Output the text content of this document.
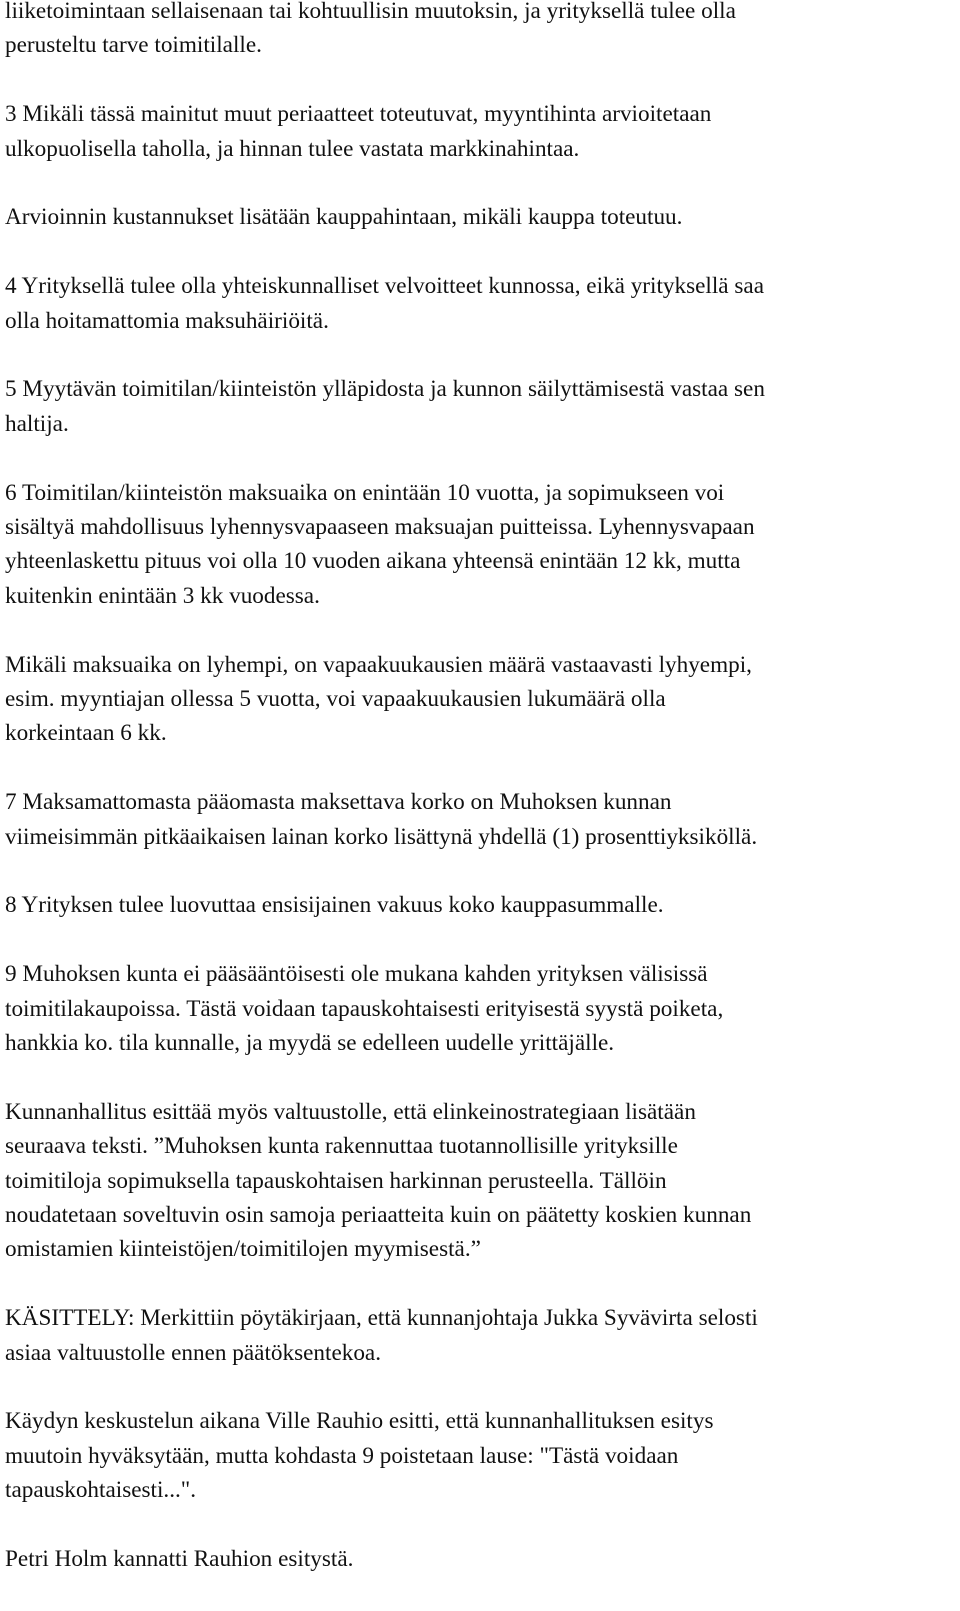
liiketoimintaan sellaisenaan tai kohtuullisin muutoksin, ja yrityksellä tulee olla
perusteltu tarve toimitilalle.

3 Mikäli tässä mainitut muut periaatteet toteutuvat, myyntihinta arvioitetaan
ulkopuolisella taholla, ja hinnan tulee vastata markkinahintaa.

Arvioinnin kustannukset lisätään kauppahintaan, mikäli kauppa toteutuu.

4 Yrityksellä tulee olla yhteiskunnalliset velvoitteet kunnossa, eikä yrityksellä saa
olla hoitamattomia maksuhäiriöitä.

5 Myytävän toimitilan/kiinteistön ylläpidosta ja kunnon säilyttämisestä vastaa sen
haltija.

6 Toimitilan/kiinteistön maksuaika on enintään 10 vuotta, ja sopimukseen voi
sisältyä mahdollisuus lyhennysvapaaseen maksuajan puitteissa. Lyhennysvapaan
yhteenlaskettu pituus voi olla 10 vuoden aikana yhteensä enintään 12 kk, mutta
kuitenkin enintään 3 kk vuodessa.

Mikäli maksuaika on lyhempi, on vapaakuukausien määrä vastaavasti lyhyempi,
esim. myyntiajan ollessa 5 vuotta, voi vapaakuukausien lukumäärä olla
korkeintaan 6 kk.

7 Maksamattomasta pääomasta maksettava korko on Muhoksen kunnan
viimeisimmän pitkäaikaisen lainan korko lisättynä yhdellä (1) prosenttiyksiköllä.

8 Yrityksen tulee luovuttaa ensisijainen vakuus koko kauppasummalle.

9 Muhoksen kunta ei pääsääntöisesti ole mukana kahden yrityksen välisissä
toimitilakaupoissa. Tästä voidaan tapauskohtaisesti erityisestä syystä poiketa,
hankkia ko. tila kunnalle, ja myydä se edelleen uudelle yrittäjälle.

Kunnanhallitus esittää myös valtuustolle, että elinkeinostrategiaan lisätään
seuraava teksti. ”Muhoksen kunta rakennuttaa tuotannollisille yrityksille
toimitiloja sopimuksella tapauskohtaisen harkinnan perusteella. Tällöin
noudatetaan soveltuvin osin samoja periaatteita kuin on päätetty koskien kunnan
omistamien kiinteistöjen/toimitilojen myymisestä.”

KÄSITTELY: Merkittiin pöytäkirjaan, että kunnanjohtaja Jukka Syvävirta selosti
asiaa valtuustolle ennen päätöksentekoa.

Käydyn keskustelun aikana Ville Rauhio esitti, että kunnanhallituksen esitys
muutoin hyväksytään, mutta kohdasta 9 poistetaan lause: "Tästä voidaan
tapauskohtaisesti...".

Petri Holm kannatti Rauhion esitystä.
